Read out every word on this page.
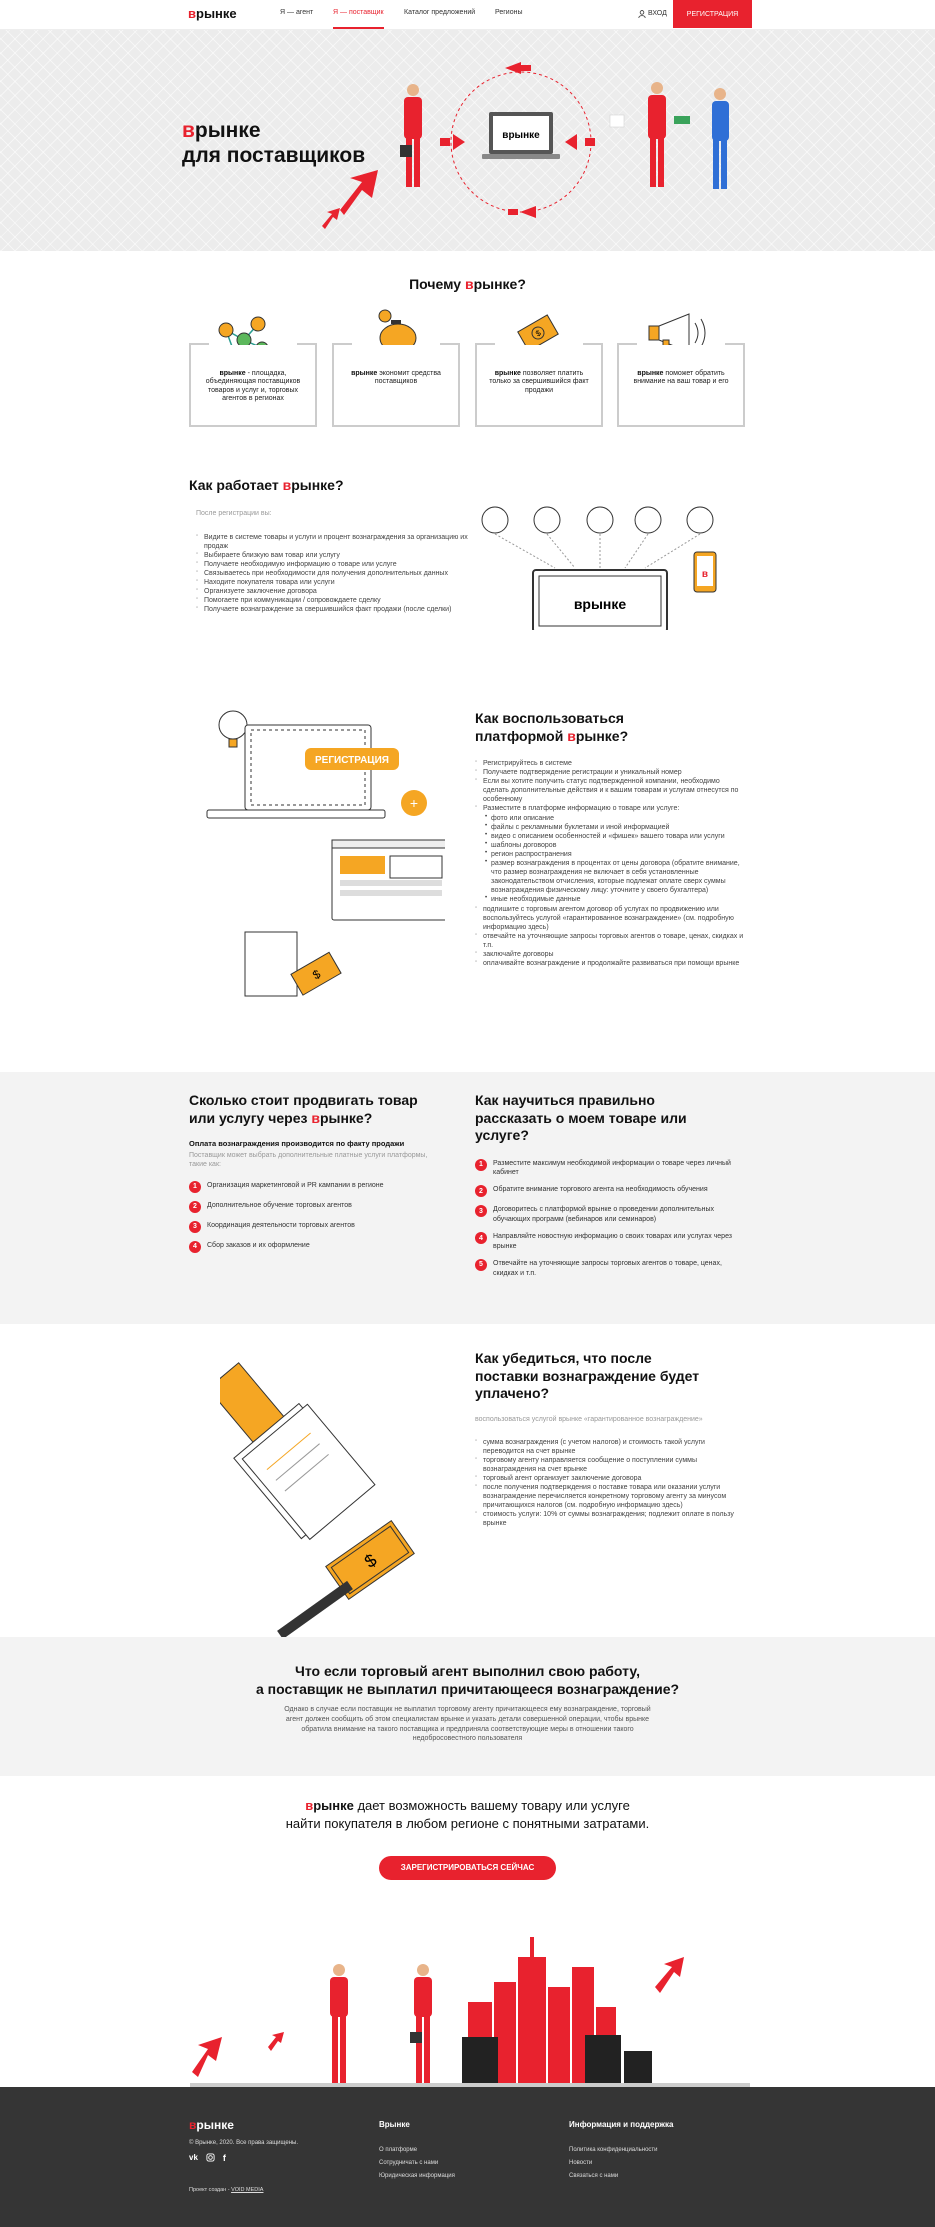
врынке	Я — агент	Я — поставщик	Каталог предложений	Регионы	ВХОД	РЕГИСТРАЦИЯ
врынке
для поставщиков
врынке
Почему врынке?
$

врынке - площадка, объединяющая поставщиков товаров и услуг и, торговых агентов в регионах

врынке экономит средства поставщиков

врынке позволяет платить только за свершившийся факт продажи

врынке поможет обратить внимание на ваш товар и его

Как работает врынке?
После регистрации вы:
▫ Видите в системе товары и услуги и процент вознаграждения за организацию их продаж
▫ Выбираете близкую вам товар или услугу
▫ Получаете необходимую информацию о товаре или услуге
▫ Связываетесь при необходимости для получения дополнительных данных
▫ Находите покупателя товара или услуги
▫ Организуете заключение договора
▫ Помогаете при коммуникации / сопровождаете сделку
▫ Получаете вознаграждение за свершившийся факт продажи (после сделки)	врынке
в
РЕГИСТРАЦИЯ
+
$
Как воспользоваться
платформой врынке?
▫ Регистрируйтесь в системе
▫ Получаете подтверждение регистрации и уникальный номер
▫ Если вы хотите получить статус подтвержденной компании, необходимо сделать дополнительные действия и к вашим товарам и услугам отнесутся по особенному
▫ Разместите в платформе информацию о товаре или услуге:
• фото или описание
• файлы с рекламными буклетами и иной информацией
• видео с описанием особенностей и «фишек» вашего товара или услуги
• шаблоны договоров
• регион распространения
• размер вознаграждения в процентах от цены договора (обратите внимание, что размер вознаграждения не включает в себя установленные законодательством отчисления, которые подлежат оплате сверх суммы вознаграждения физическому лицу: уточните у своего бухгалтера)
• иные необходимые данные
▫ подпишите с торговым агентом договор об услугах по продвижению или воспользуйтесь услугой «гарантированное вознаграждение» (см. подробную информацию здесь)
▫ отвечайте на уточняющие запросы торговых агентов о товаре, ценах, скидках и т.п.
▫ заключайте договоры
▫ оплачивайте вознаграждение и продолжайте развиваться при помощи врынке
Сколько стоит продвигать товар
или услугу через врынке?
Оплата вознаграждения производится по факту продажи
Поставщик может выбрать дополнительные платные услуги платформы, такие как:
1	Организация маркетинговой и PR кампании в регионе
2	Дополнительное обучение торговых агентов
3	Координация деятельности торговых агентов
4	Сбор заказов и их оформление
Как научиться правильно рассказать о моем товаре или услуге?
1	Разместите максимум необходимой информации о товаре через личный кабинет
2	Обратите внимание торгового агента на необходимость обучения
3	Договоритесь с платформой врынке о проведении дополнительных обучающих программ (вебинаров или семинаров)
4	Направляйте новостную информацию о своих товарах или услугах через врынке
5	Отвечайте на уточняющие запросы торговых агентов о товаре, ценах, скидках и т.п.
$
Как убедиться, что после поставки вознаграждение будет уплачено?
воспользоваться услугой врынке «гарантированное вознаграждение»
▫ сумма вознаграждения (с учетом налогов) и стоимость такой услуги переводится на счет врынке
▫ торговому агенту направляется сообщение о поступлении суммы вознаграждения на счет врынке
▫ торговый агент организует заключение договора
▫ после получения подтверждения о поставке товара или оказании услуги вознаграждение перечисляется конкретному торговому агенту за минусом причитающихся налогов (см. подробную информацию здесь)
▫ стоимость услуги: 10% от суммы вознаграждения; подлежит оплате в пользу врынке
Что если торговый агент выполнил свою работу,
а поставщик не выплатил причитающееся вознаграждение?
Однако в случае если поставщик не выплатил торговому агенту причитающееся ему вознаграждение, торговый агент должен сообщить об этом специалистам врынке и указать детали совершенной операции, чтобы врынке обратила внимание на такого поставщика и предприняла соответствующие меры в отношении такого недобросовестного пользователя
врынке дает возможность вашему товару или услуге
найти покупателя в любом регионе с понятными затратами.
ЗАРЕГИСТРИРОВАТЬСЯ СЕЙЧАС
врынке
© Врынке, 2020. Все права защищены.
vk	f
Проект создан - VOID MEDIA
Врынке
О платформе
Сотрудничать с нами
Юридическая информация
Информация и поддержка
Политика конфиденциальности
Новости
Связаться с нами
